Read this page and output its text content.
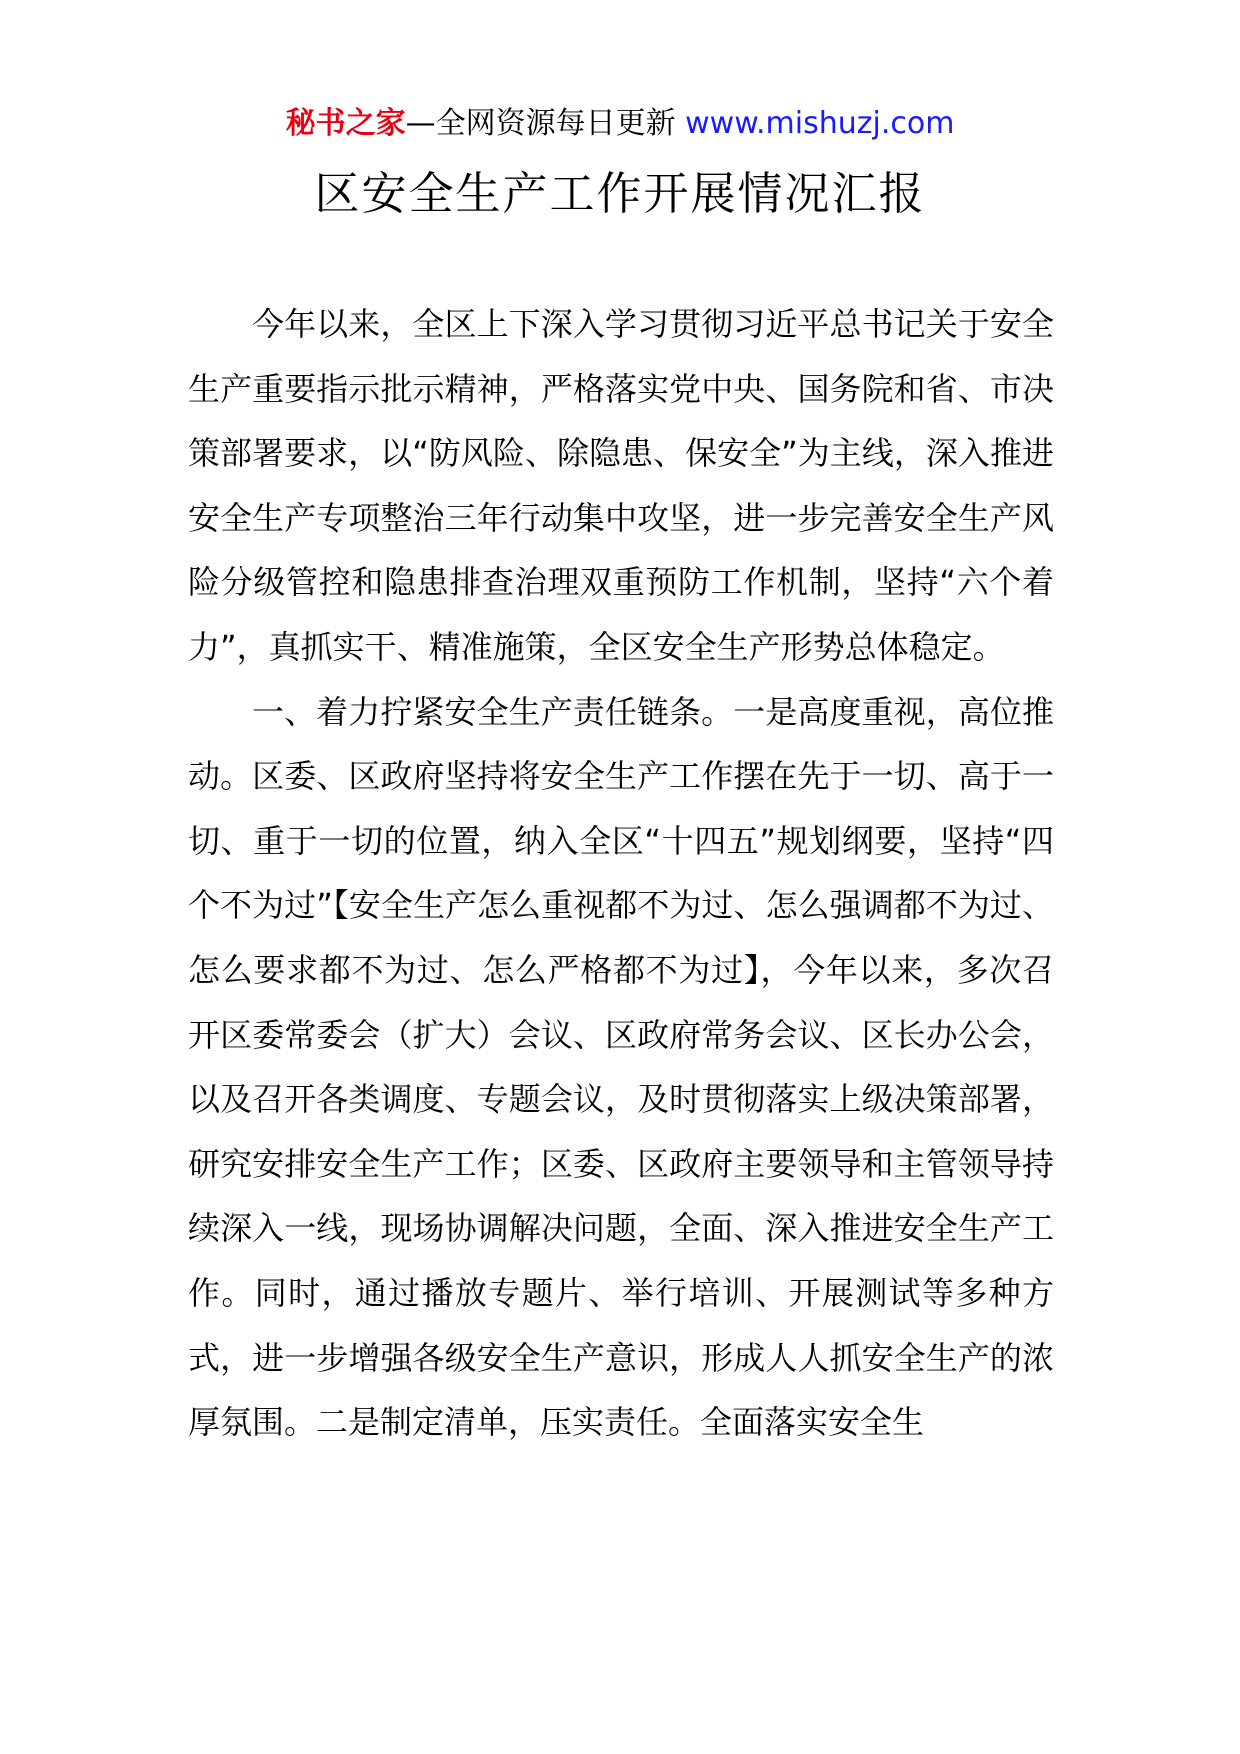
秘书之家—全网资源每日更新 www.mishuzj.com
区安全生产工作开展情况汇报

今年以来，全区上下深入学习贯彻习近平总书记关于安全生产重要指示批示精神，严格落实党中央、国务院和省、市决策部署要求，以“防风险、除隐患、保安全”为主线，深入推进安全生产专项整治三年行动集中攻坚，进一步完善安全生产风险分级管控和隐患排查治理双重预防工作机制，坚持“六个着力”，真抓实干、精准施策，全区安全生产形势总体稳定。

一、着力拧紧安全生产责任链条。一是高度重视，高位推动。区委、区政府坚持将安全生产工作摆在先于一切、高于一切、重于一切的位置，纳入全区“十四五”规划纲要，坚持“四个不为过”【安全生产怎么重视都不为过、怎么强调都不为过、怎么要求都不为过、怎么严格都不为过】，今年以来，多次召开区委常委会（扩大）会议、区政府常务会议、区长办公会，以及召开各类调度、专题会议，及时贯彻落实上级决策部署，研究安排安全生产工作；区委、区政府主要领导和主管领导持续深入一线，现场协调解决问题，全面、深入推进安全生产工作。同时，通过播放专题片、举行培训、开展测试等多种方式，进一步增强各级安全生产意识，形成人人抓安全生产的浓厚氛围。二是制定清单，压实责任。全面落实安全生
